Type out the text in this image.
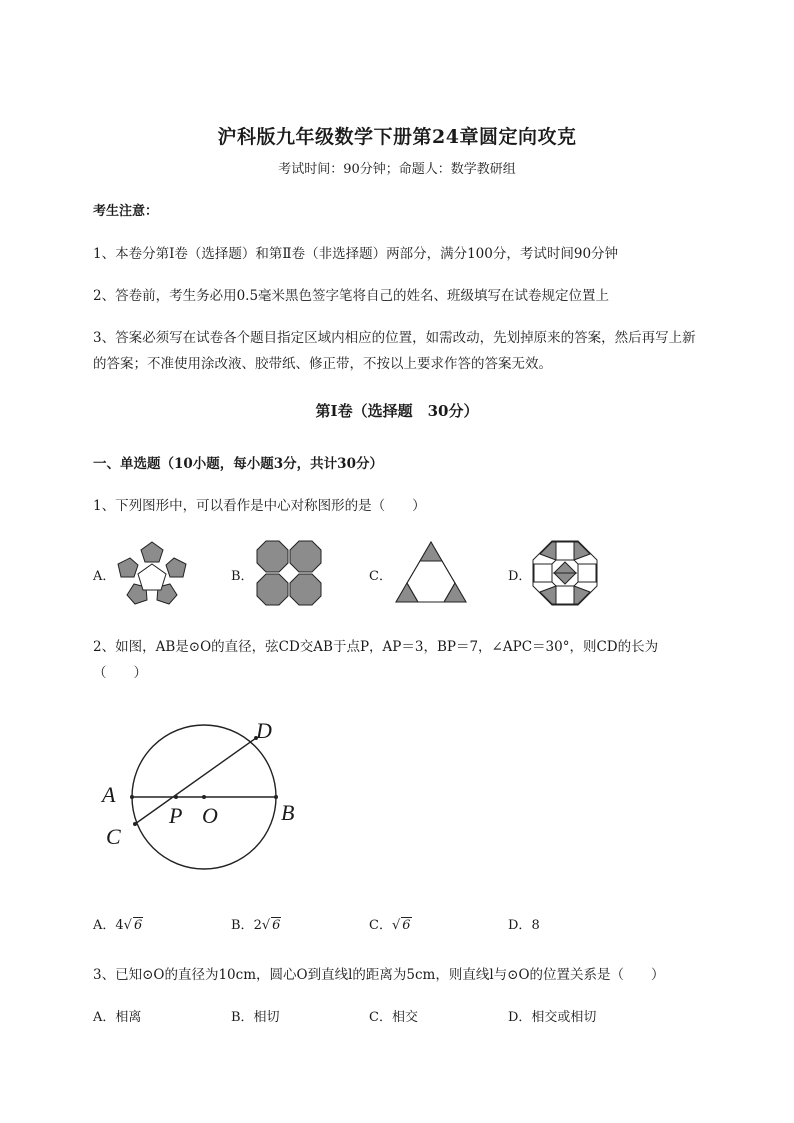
沪科版九年级数学下册第24章圆定向攻克
考试时间：90分钟；命题人：数学教研组
考生注意：
1、本卷分第I卷（选择题）和第Ⅱ卷（非选择题）两部分，满分100分，考试时间90分钟
2、答卷前，考生务必用0.5毫米黑色签字笔将自己的姓名、班级填写在试卷规定位置上
3、答案必须写在试卷各个题目指定区域内相应的位置，如需改动，先划掉原来的答案，然后再写上新
的答案；不准使用涂改液、胶带纸、修正带，不按以上要求作答的答案无效。
第I卷（选择题　30分）
一、单选题（10小题，每小题3分，共计30分）
1、下列图形中，可以看作是中心对称图形的是（　　）
A．	B．	C．	D．
2、如图，AB是⊙O的直径，弦CD交AB于点P，AP＝3，BP＝7，∠APC＝30°，则CD的长为
（　　）
A
B
C
D
P O
A．4√ 6	B．2√ 6	C．√ 6	D．8
3、已知⊙O的直径为10cm，圆心O到直线l的距离为5cm，则直线l与⊙O的位置关系是（　　）
A．相离	B．相切	C．相交	D．相交或相切
